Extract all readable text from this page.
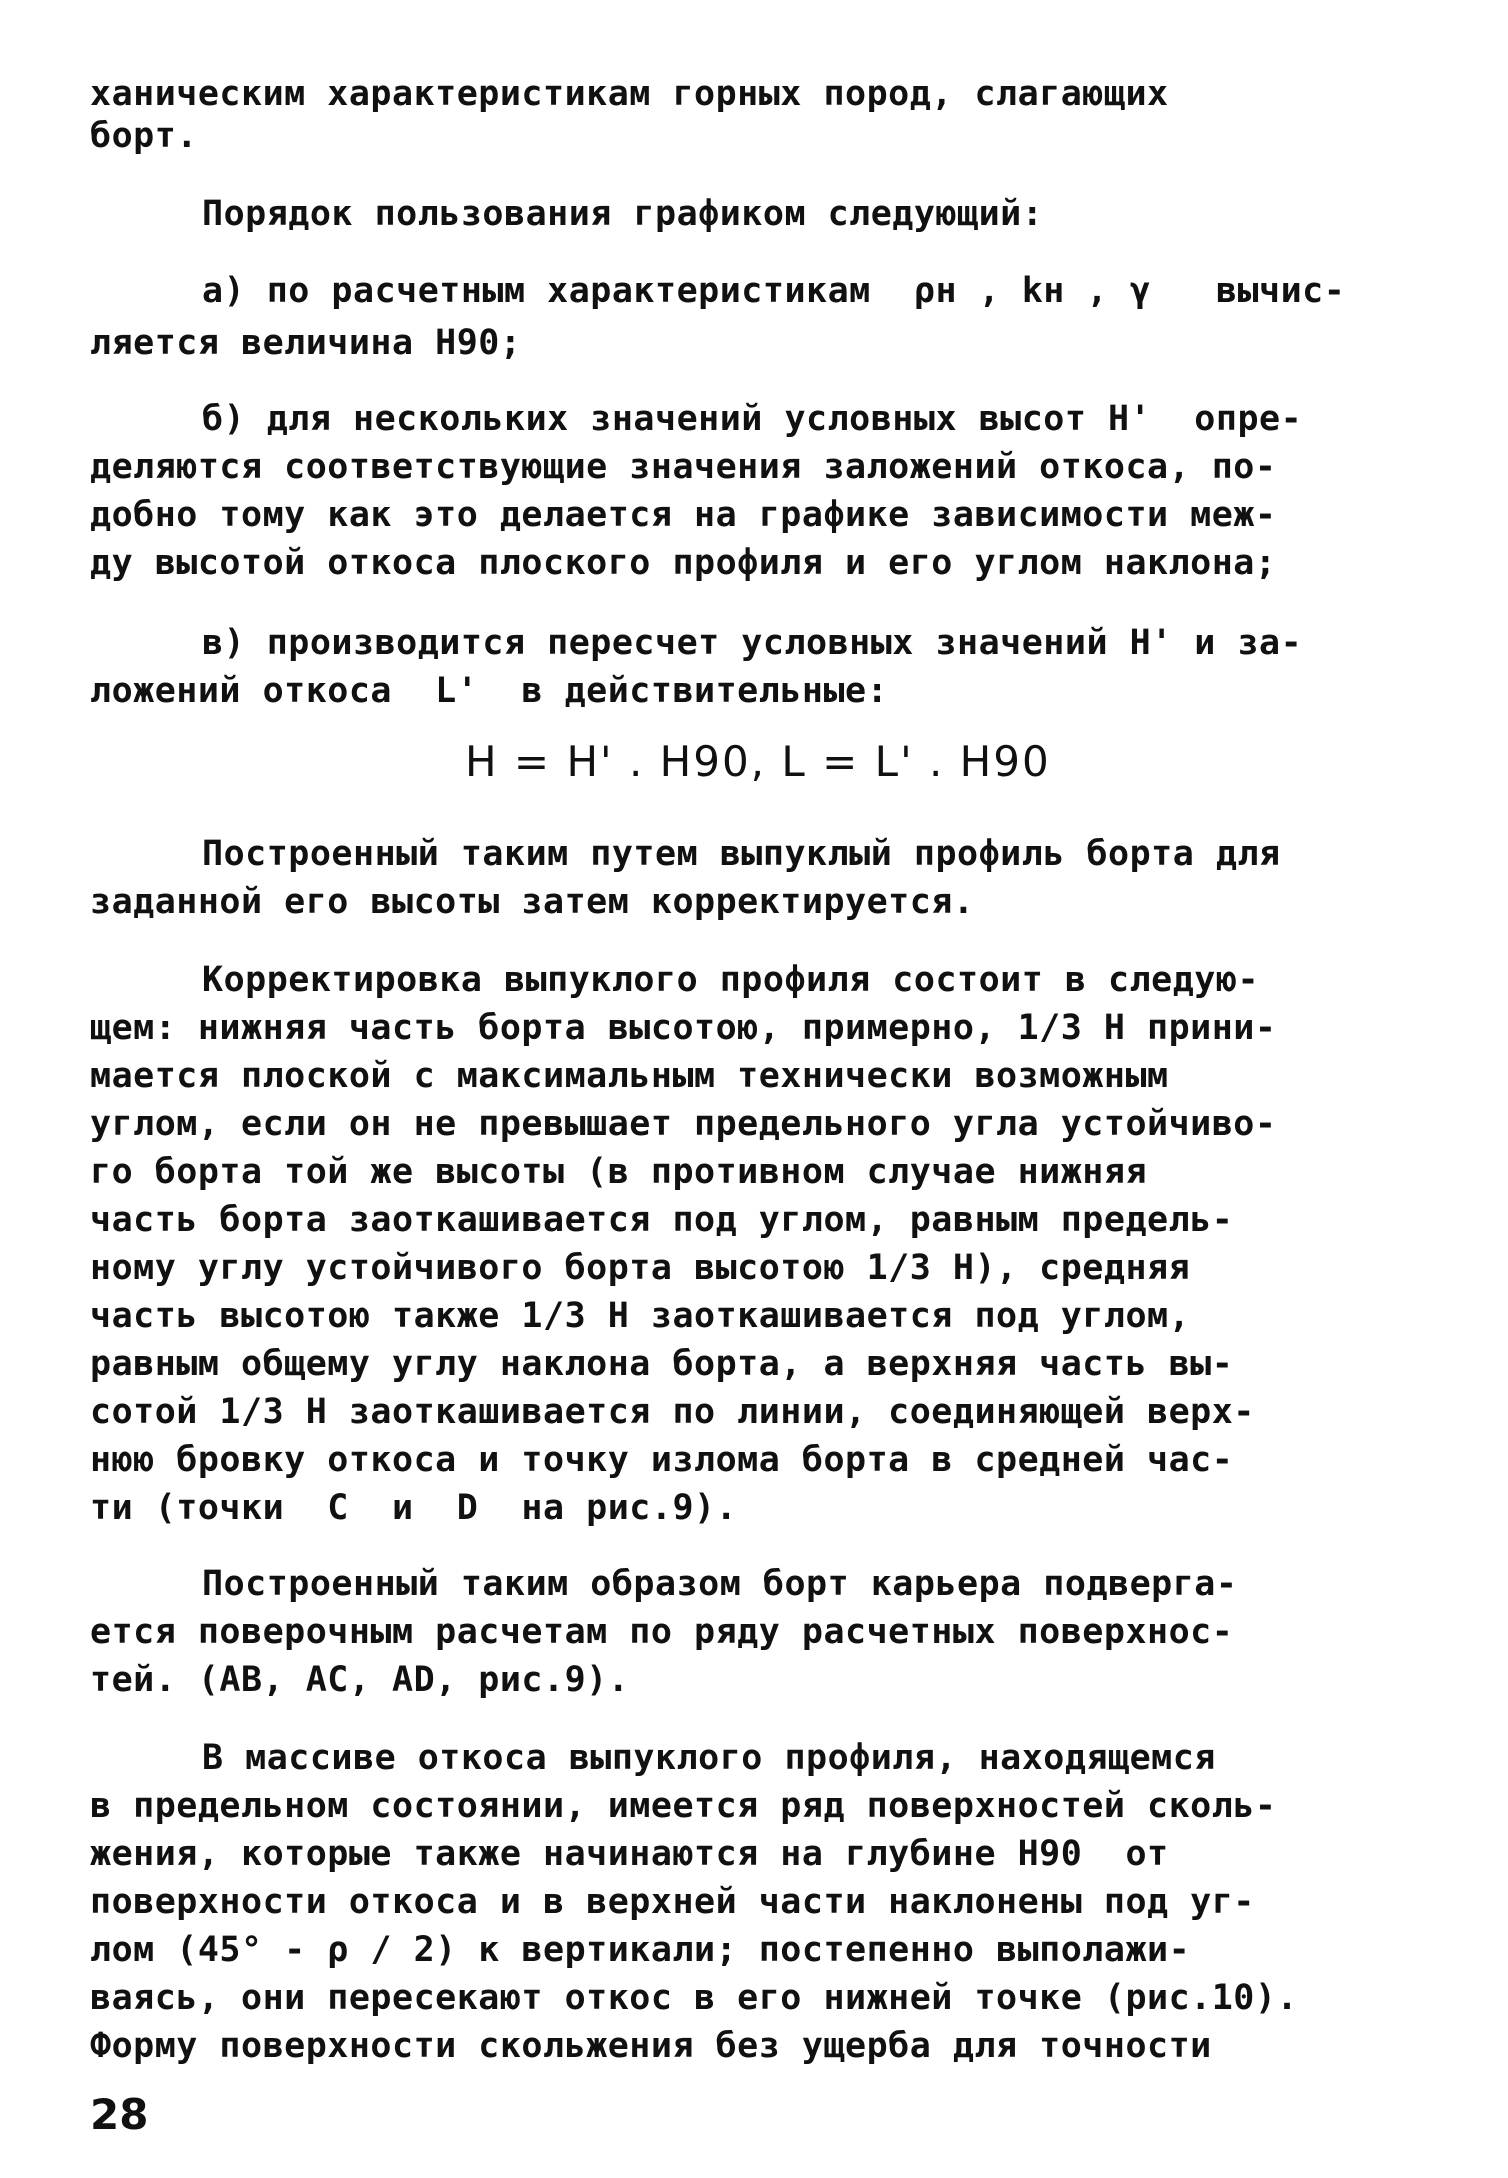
ханическим характеристикам горных пород, слагающих
борт.
Порядок пользования графиком следующий:
а) по расчетным характеристикам  ρн , kн , γ   вычис-
ляется величина H90;
б) для нескольких значений условных высот H'  опре-
деляются соответствующие значения заложений откоса, по-
добно тому как это делается на графике зависимости меж-
ду высотой откоса плоского профиля и его углом наклона;
в) производится пересчет условных значений H' и за-
ложений откоса  L'  в действительные:
H = H' . H90, L = L' . H90
Построенный таким путем выпуклый профиль борта для
заданной его высоты затем корректируется.
Корректировка выпуклого профиля состоит в следую-
щем: нижняя часть борта высотою, примерно, 1/3 H прини-
мается плоской с максимальным технически возможным
углом, если он не превышает предельного угла устойчиво-
го борта той же высоты (в противном случае нижняя
часть борта заоткашивается под углом, равным предель-
ному углу устойчивого борта высотою 1/3 H), средняя
часть высотою также 1/3 H заоткашивается под углом,
равным общему углу наклона борта, а верхняя часть вы-
сотой 1/3 H заоткашивается по линии, соединяющей верх-
нюю бровку откоса и точку излома борта в средней час-
ти (точки  C  и  D  на рис.9).
Построенный таким образом борт карьера подверга-
ется поверочным расчетам по ряду расчетных поверхнос-
тей. (AB, AC, AD, рис.9).
В массиве откоса выпуклого профиля, находящемся
в предельном состоянии, имеется ряд поверхностей сколь-
жения, которые также начинаются на глубине H90  от
поверхности откоса и в верхней части наклонены под уг-
лом (45° - ρ / 2) к вертикали; постепенно выполажи-
ваясь, они пересекают откос в его нижней точке (рис.10).
Форму поверхности скольжения без ущерба для точности
28
